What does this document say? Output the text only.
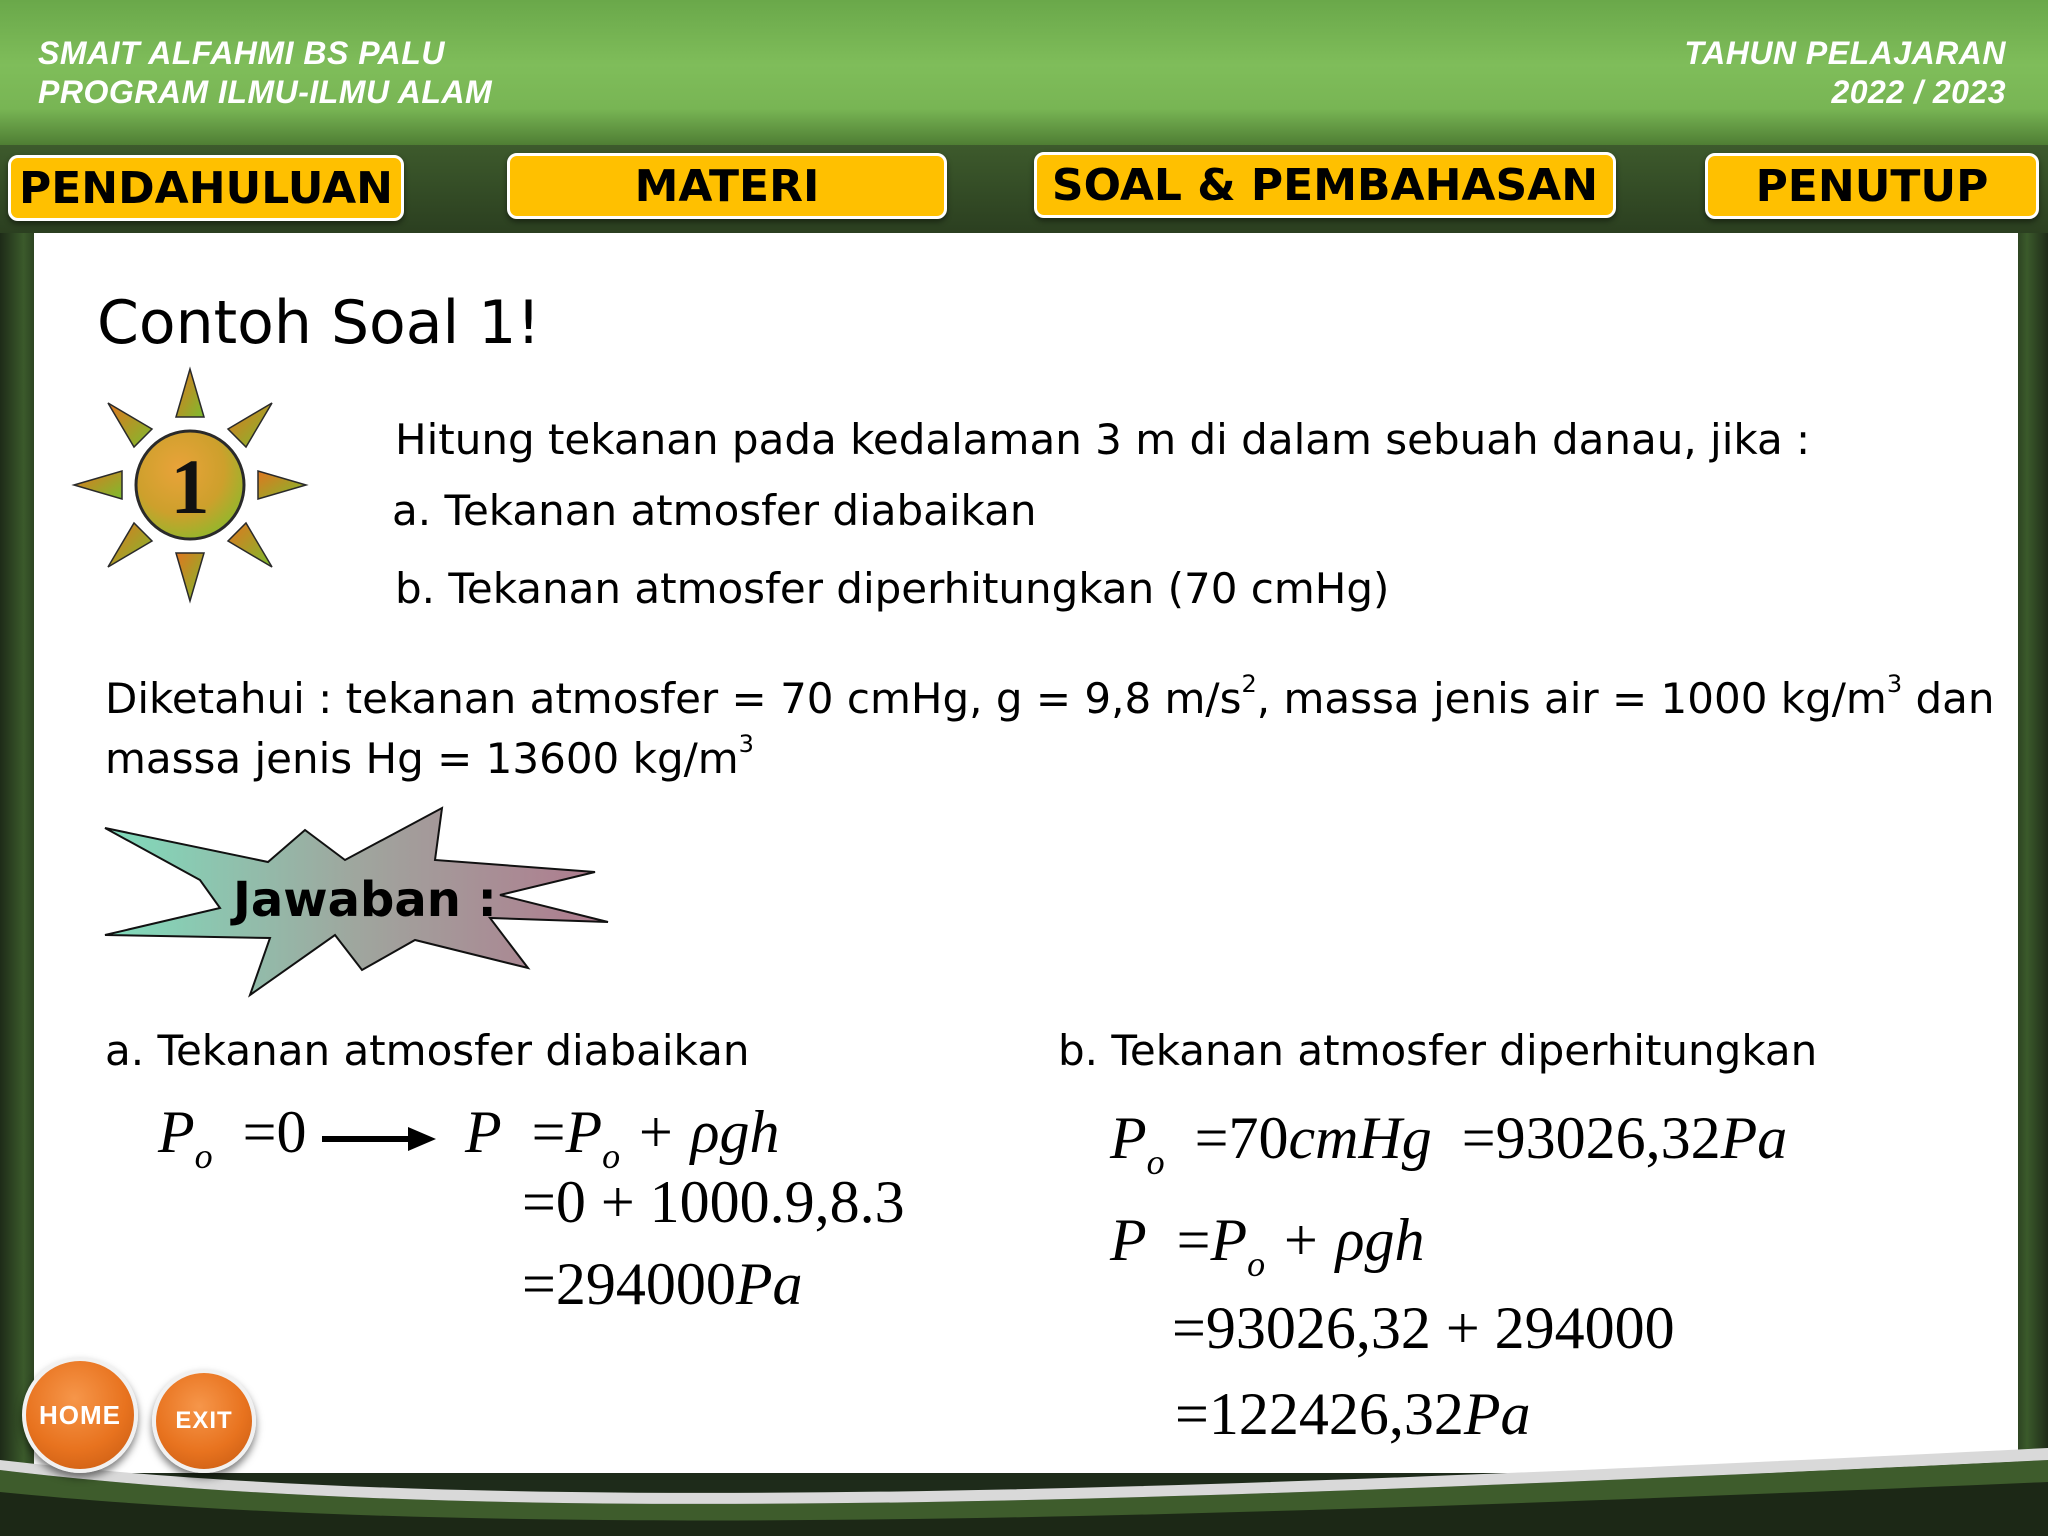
SMAIT ALFAHMI BS PALU
PROGRAM ILMU-ILMU ALAM
TAHUN PELAJARAN
2022 / 2023
PENDAHULUAN	MATERI	SOAL & PEMBAHASAN	PENUTUP
Contoh Soal 1!
1
Hitung tekanan pada kedalaman 3 m di dalam sebuah danau, jika :
a. Tekanan atmosfer diabaikan
b. Tekanan atmosfer diperhitungkan (70 cmHg)
Diketahui : tekanan atmosfer = 70 cmHg, g = 9,8 $m/s^2$, massa jenis air = 1000 $kg/m^3$ dan
massa jenis Hg = 13600 $kg/m^3$
Jawaban :
a. Tekanan atmosfer diabaikan
$P_o =0$	$P =P_o + \rho gh$
=0 + 1000.9,8.3
=294000Pa
b. Tekanan atmosfer diperhitungkan
$P_o$ =70cmHg =93026,32Pa
$P =P_o + \rho gh$
=93026,32 + 294000
=122426,32Pa
HOME	EXIT
